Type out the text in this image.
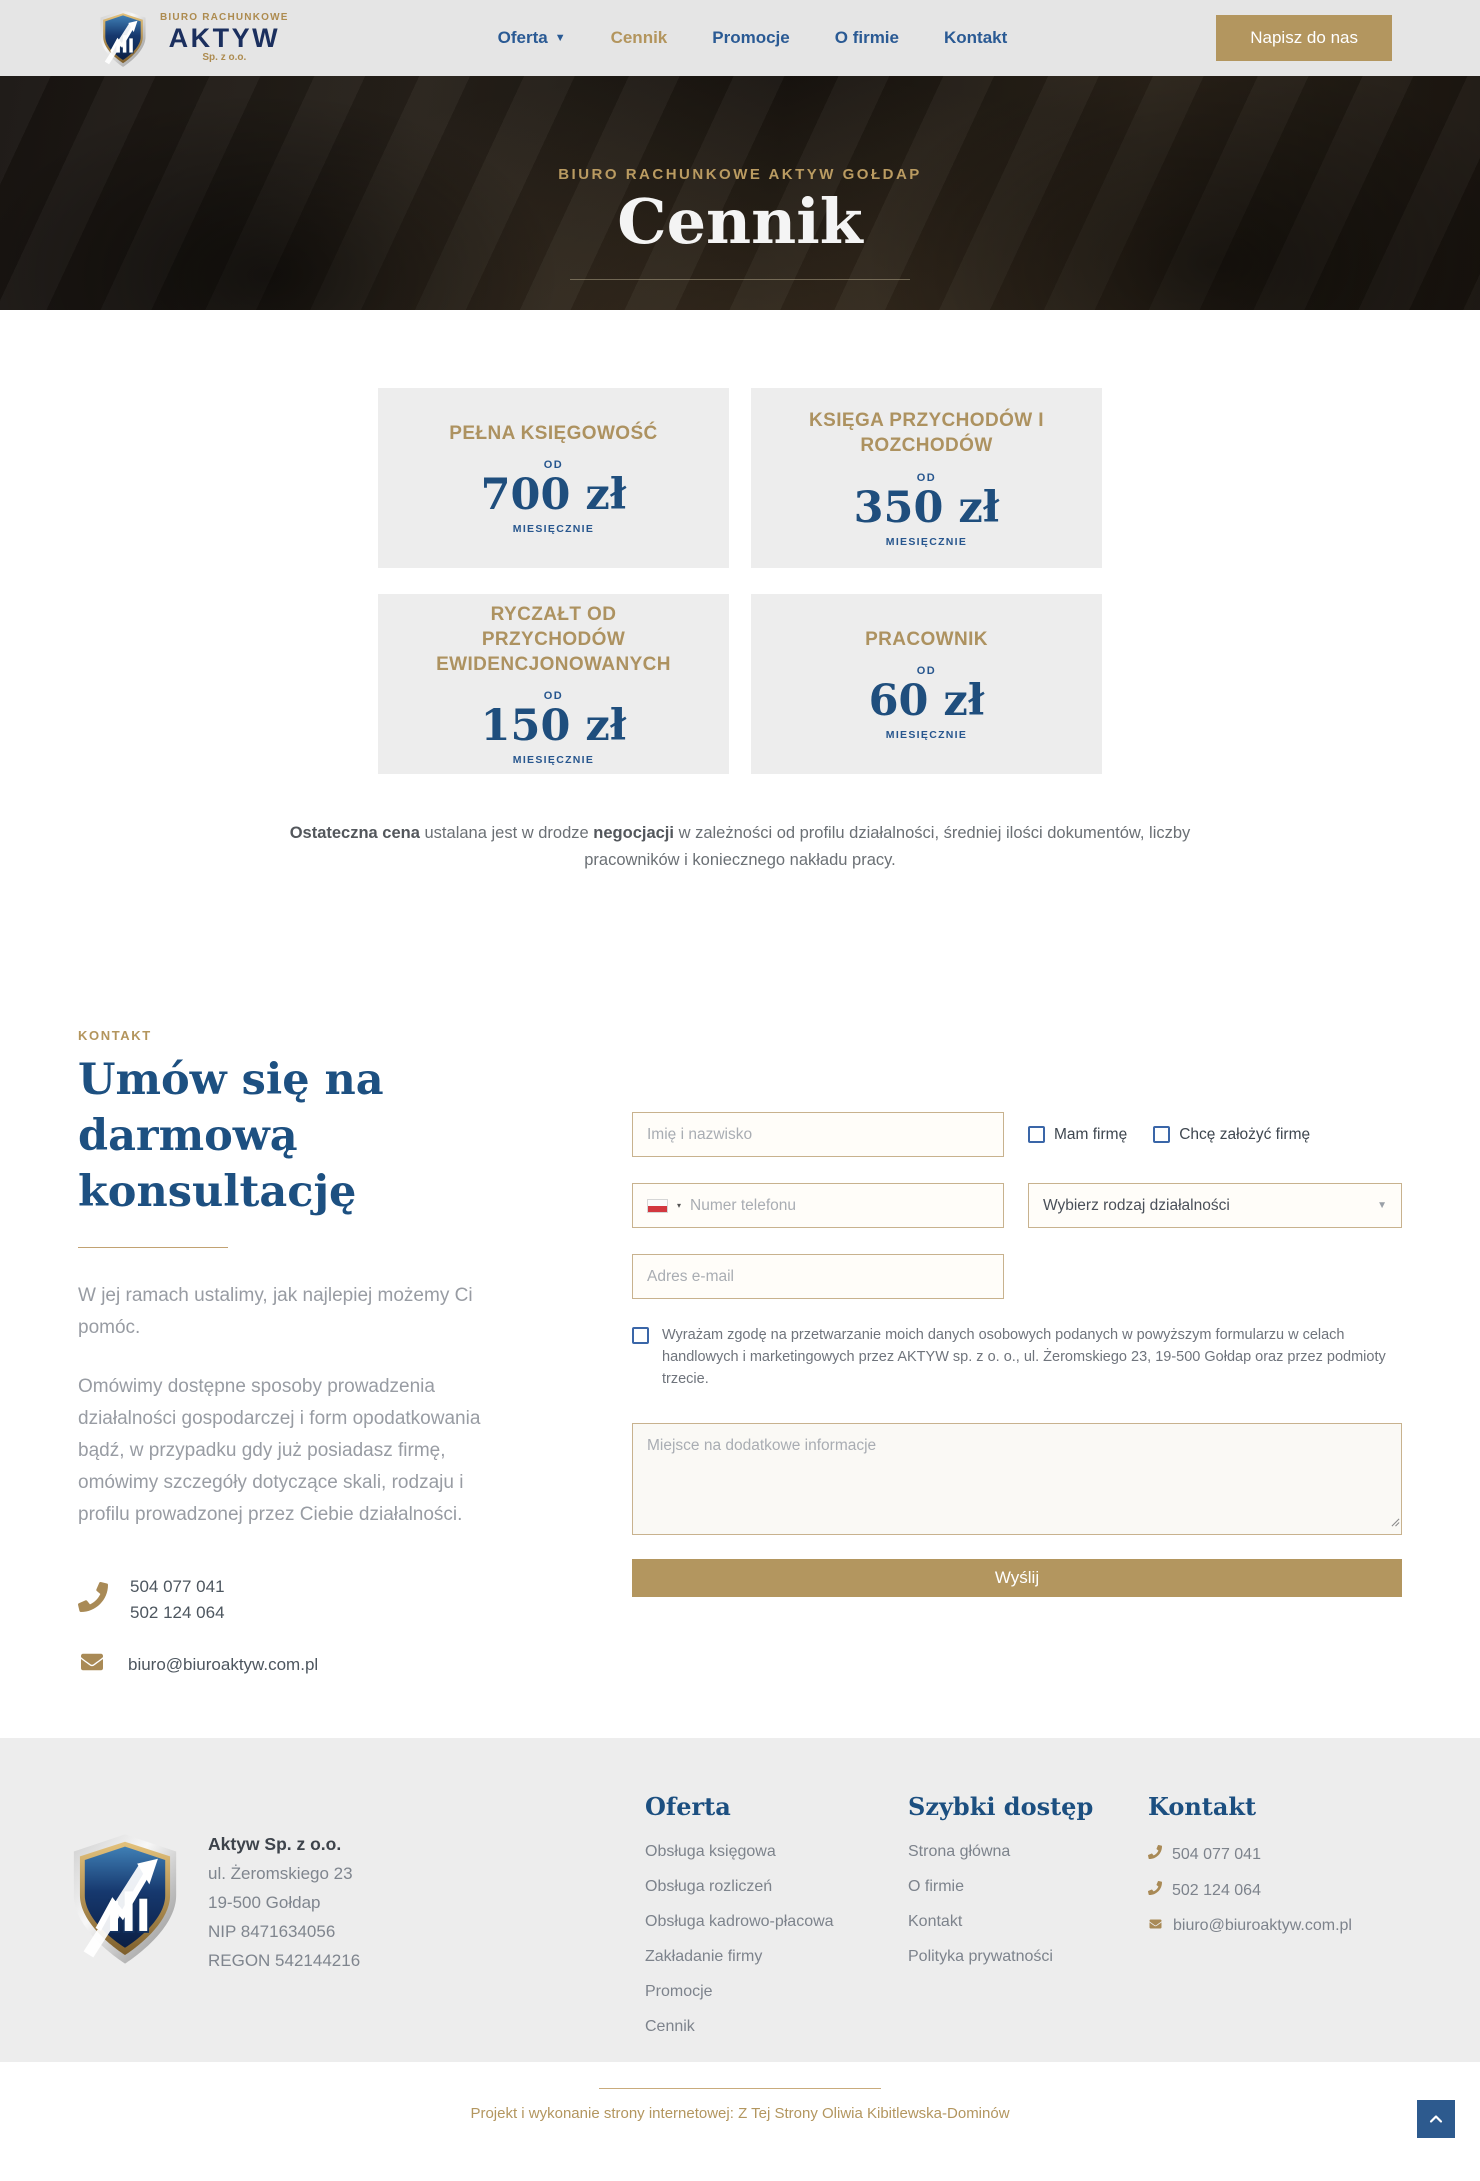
BIURO RACHUNKOWE
AKTYW
Sp. z o.o.
Oferta ▼	Cennik	Promocje	O firmie	Kontakt	Napisz do nas
BIURO RACHUNKOWE AKTYW GOŁDAP
Cennik
PEŁNA KSIĘGOWOŚĆ
OD
700 zł
MIESIĘCZNIE
KSIĘGA PRZYCHODÓW I ROZCHODÓW
OD
350 zł
MIESIĘCZNIE
RYCZAŁT OD PRZYCHODÓW EWIDENCJONOWANYCH
OD
150 zł
MIESIĘCZNIE
PRACOWNIK
OD
60 zł
MIESIĘCZNIE

Ostateczna cena ustalana jest w drodze negocjacji w zależności od profilu działalności, średniej ilości dokumentów, liczby pracowników i koniecznego nakładu pracy.

KONTAKT
Umów się na darmową konsultację

W jej ramach ustalimy, jak najlepiej możemy Ci pomóc.

Omówimy dostępne sposoby prowadzenia działalności gospodarczej i form opodatkowania bądź, w przypadku gdy już posiadasz firmę, omówimy szczegóły dotyczące skali, rodzaju i profilu prowadzonej przez Ciebie działalności.

504 077 041
502 124 064
biuro@biuroaktyw.com.pl
Imię i nazwisko
Mam firmę	Chcę założyć firmę
▾
Numer telefonu	Wybierz rodzaj działalności	▼
Adres e-mail
Wyrażam zgodę na przetwarzanie moich danych osobowych podanych w powyższym formularzu w celach handlowych i marketingowych przez AKTYW sp. z o. o., ul. Żeromskiego 23, 19-500 Gołdap oraz przez podmioty trzecie.
Miejsce na dodatkowe informacje
Wyślij
Aktyw Sp. z o.o.
ul. Żeromskiego 23
19-500 Gołdap
NIP 8471634056
REGON 542144216
Oferta
Obsługa księgowa
Obsługa rozliczeń
Obsługa kadrowo-płacowa
Zakładanie firmy
Promocje
Cennik
Szybki dostęp
Strona główna
O firmie
Kontakt
Polityka prywatności
Kontakt
504 077 041
502 124 064
biuro@biuroaktyw.com.pl
Projekt i wykonanie strony internetowej: Z Tej Strony Oliwia Kibitlewska-Dominów
